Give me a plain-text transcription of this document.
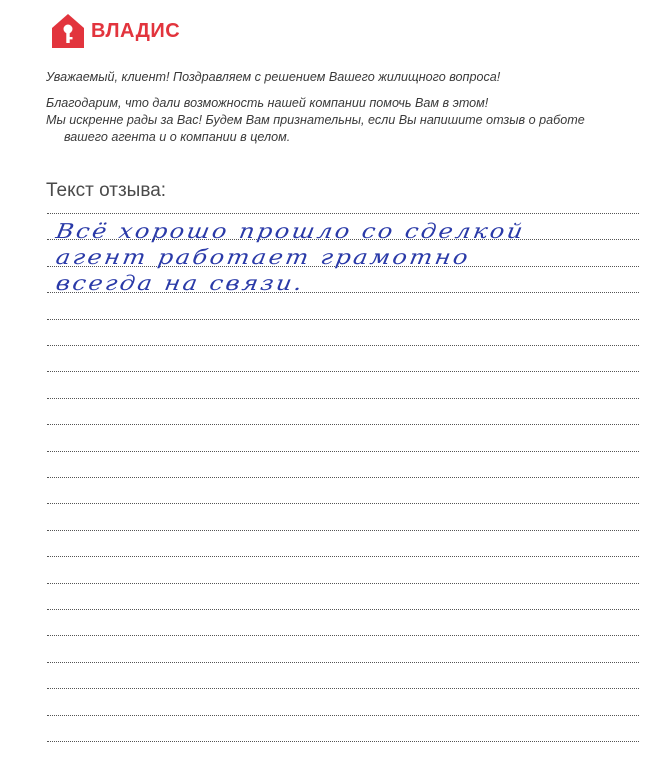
ВЛАДИС

Уважаемый, клиент! Поздравляем с решением Вашего жилищного вопроса!

Благодарим, что дали возможность нашей компании помочь Вам в этом!

Мы искренне рады за Вас! Будем Вам признательны, если Вы напишите отзыв о работе

вашего агента и о компании в целом.

Текст отзыва:
Всё хорошо прошло со сделкой
агент работает грамотно
всегда на связи.
